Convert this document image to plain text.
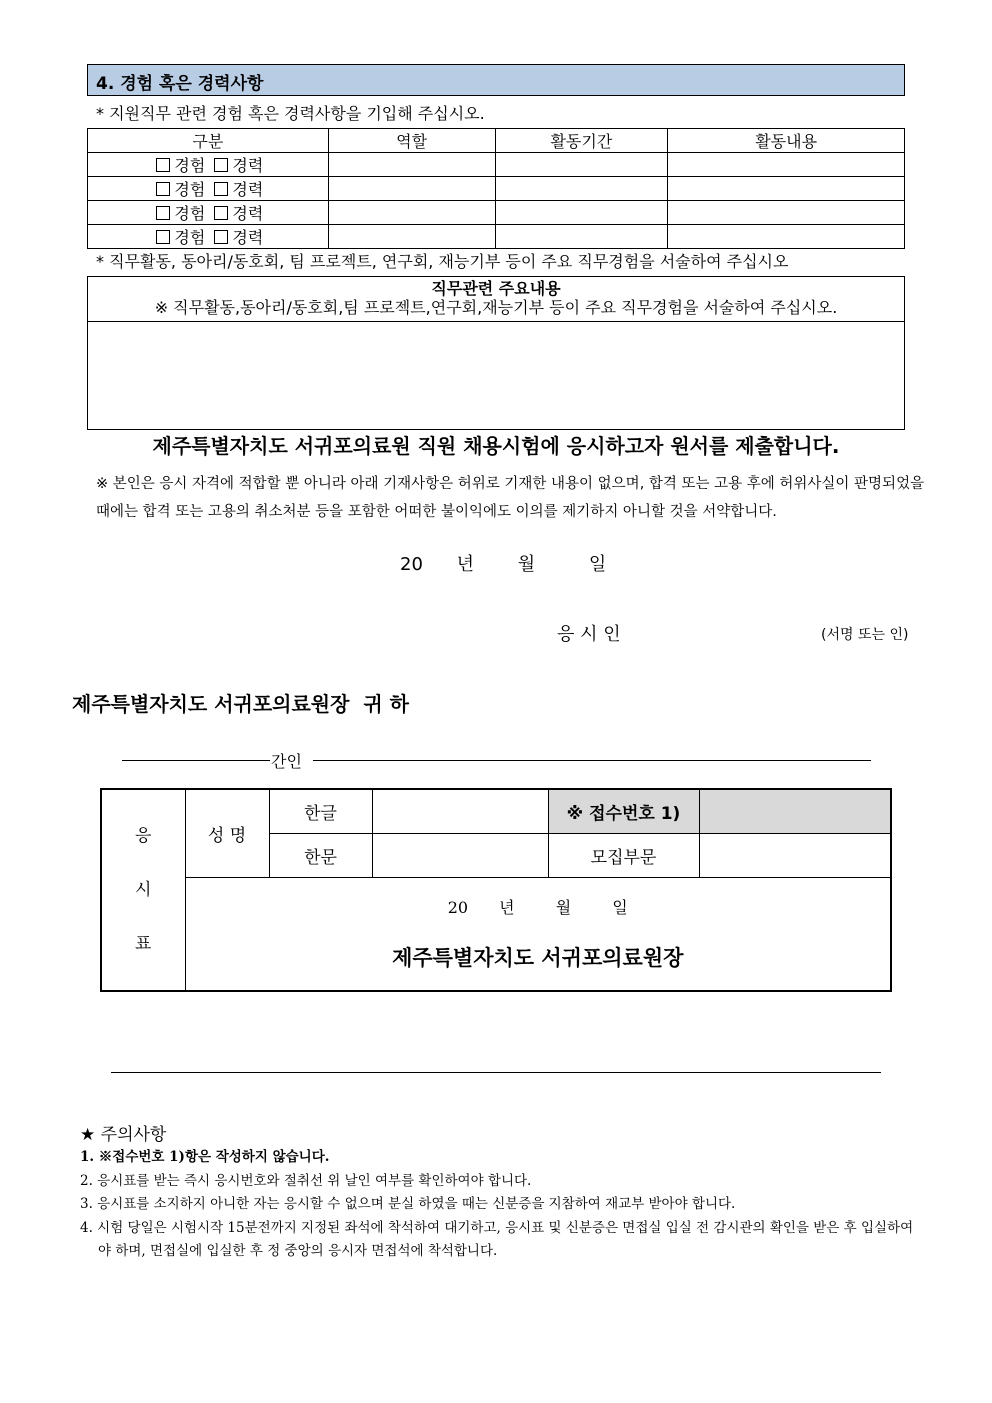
4. 경험 혹은 경력사항
* 지원직무 관련 경험 혹은 경력사항을 기입해 주십시오.
구분	역할	활동기간	활동내용
경험 경력			
경험 경력			
경험 경력			
경험 경력			
* 직무활동, 동아리/동호회, 팀 프로젝트, 연구회, 재능기부 등이 주요 직무경험을 서술하여 주십시오
직무관련 주요내용
※ 직무활동,동아리/동호회,팀 프로젝트,연구회,재능기부 등이 주요 직무경험을 서술하여 주십시오.
제주특별자치도 서귀포의료원 직원 채용시험에 응시하고자 원서를 제출합니다.
※ 본인은 응시 자격에 적합할 뿐 아니라 아래 기재사항은 허위로 기재한 내용이 없으며, 합격 또는 고용 후에 허위사실이 판명되었을 때에는 합격 또는 고용의 취소처분 등을 포함한 어떠한 불이익에도 이의를 제기하지 아니할 것을 서약합니다.
20 년 월	일
응 시 인	(서명 또는 인)
제주특별자치도 서귀포의료원장  귀 하
간인
응
시
표	성 명	한글		※ 접수번호 1)	
		한문		모집부문	

	20 년 월 일
제주특별자치도 서귀포의료원장				
★ 주의사항
1. ※접수번호 1)항은 작성하지 않습니다.
2. 응시표를 받는 즉시 응시번호와 절취선 위 날인 여부를 확인하여야 합니다.
3. 응시표를 소지하지 아니한 자는 응시할 수 없으며 분실 하였을 때는 신분증을 지참하여 재교부 받아야 합니다.
4. 시험 당일은 시험시작 15분전까지 지정된 좌석에 착석하여 대기하고, 응시표 및 신분증은 면접실 입실 전 감시관의 확인을 받은 후 입실하여야 하며, 면접실에 입실한 후 정 중앙의 응시자 면접석에 착석합니다.
